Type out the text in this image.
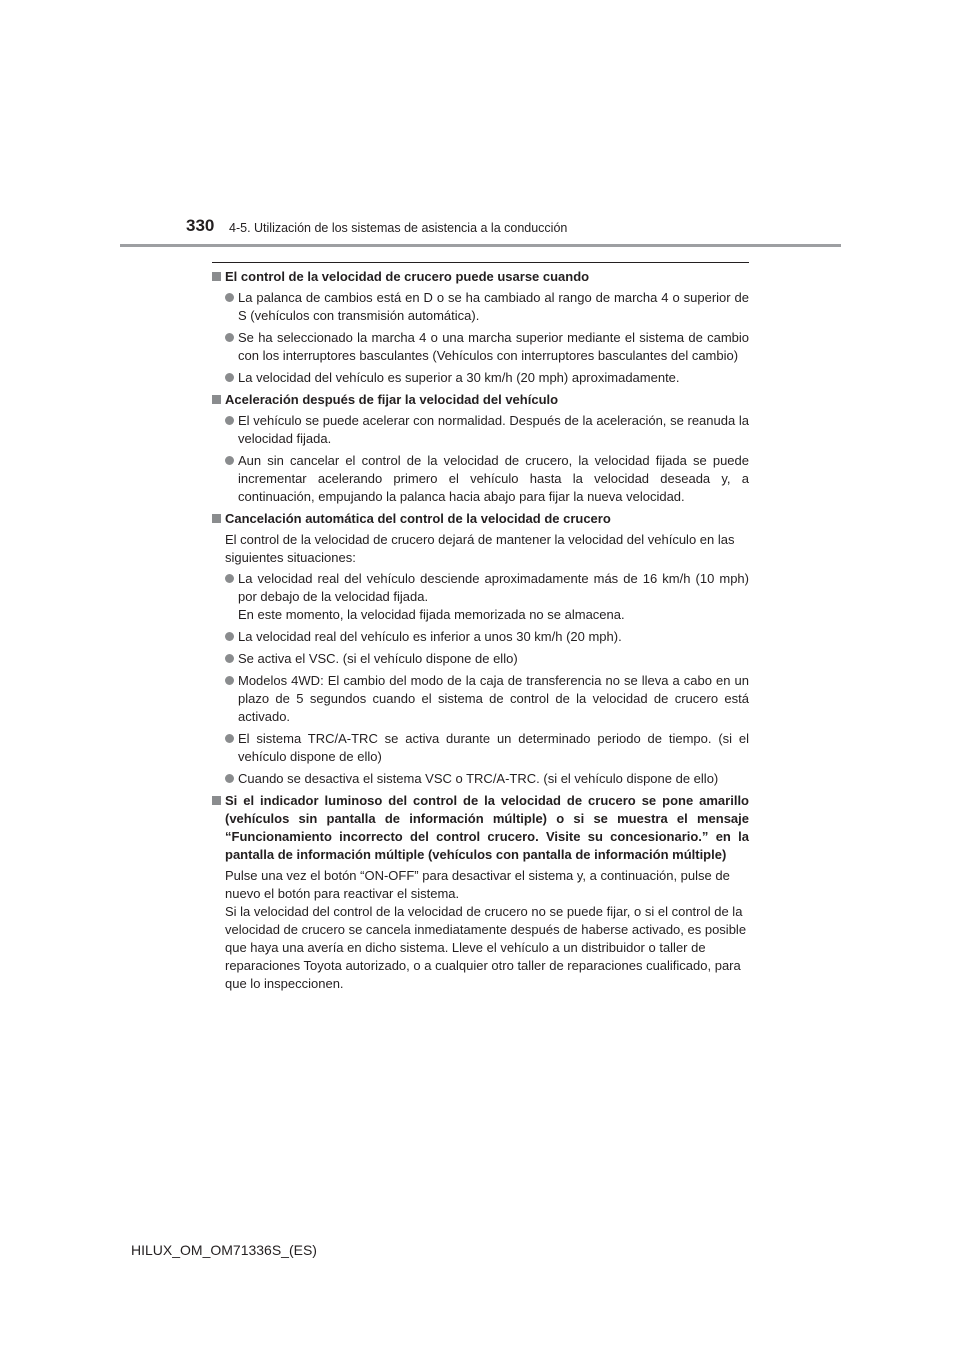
330 4-5. Utilización de los sistemas de asistencia a la conducción
El control de la velocidad de crucero puede usarse cuando
La palanca de cambios está en D o se ha cambiado al rango de marcha 4 o superior de S (vehículos con transmisión automática).
Se ha seleccionado la marcha 4 o una marcha superior mediante el sistema de cambio con los interruptores basculantes (Vehículos con interruptores basculantes del cambio)
La velocidad del vehículo es superior a 30 km/h (20 mph) aproximadamente.
Aceleración después de fijar la velocidad del vehículo
El vehículo se puede acelerar con normalidad. Después de la aceleración, se reanuda la velocidad fijada.
Aun sin cancelar el control de la velocidad de crucero, la velocidad fijada se puede incrementar acelerando primero el vehículo hasta la velocidad deseada y, a continuación, empujando la palanca hacia abajo para fijar la nueva velocidad.
Cancelación automática del control de la velocidad de crucero
El control de la velocidad de crucero dejará de mantener la velocidad del vehículo en las siguientes situaciones:
La velocidad real del vehículo desciende aproximadamente más de 16 km/h (10 mph) por debajo de la velocidad fijada.
En este momento, la velocidad fijada memorizada no se almacena.
La velocidad real del vehículo es inferior a unos 30 km/h (20 mph).
Se activa el VSC. (si el vehículo dispone de ello)
Modelos 4WD: El cambio del modo de la caja de transferencia no se lleva a cabo en un plazo de 5 segundos cuando el sistema de control de la velocidad de crucero está activado.
El sistema TRC/A-TRC se activa durante un determinado periodo de tiempo. (si el vehículo dispone de ello)
Cuando se desactiva el sistema VSC o TRC/A-TRC. (si el vehículo dispone de ello)
Si el indicador luminoso del control de la velocidad de crucero se pone amarillo (vehículos sin pantalla de información múltiple) o si se muestra el mensaje “Funcionamiento incorrecto del control crucero. Visite su concesionario.” en la pantalla de información múltiple (vehículos con pantalla de información múltiple)
Pulse una vez el botón “ON-OFF” para desactivar el sistema y, a continuación, pulse de nuevo el botón para reactivar el sistema.
Si la velocidad del control de la velocidad de crucero no se puede fijar, o si el control de la velocidad de crucero se cancela inmediatamente después de haberse activado, es posible que haya una avería en dicho sistema. Lleve el vehículo a un distribuidor o taller de reparaciones Toyota autorizado, o a cualquier otro taller de reparaciones cualificado, para que lo inspeccionen.
HILUX_OM_OM71336S_(ES)
